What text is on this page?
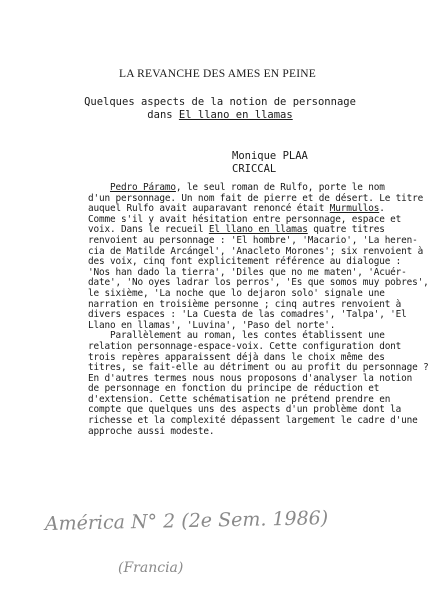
LA REVANCHE DES AMES EN PEINE
Quelques aspects de la notion de personnage
dans El llano en llamas
Monique PLAA
CRICCAL
Pedro Páramo, le seul roman de Rulfo, porte le nom
d'un personnage. Un nom fait de pierre et de désert. Le titre
auquel Rulfo avait auparavant renoncé était Murmullos.
Comme s'il y avait hésitation entre personnage, espace et
voix. Dans le recueil El llano en llamas quatre titres
renvoient au personnage : 'El hombre', 'Macario', 'La heren-
cia de Matilde Arcángel', 'Anacleto Morones'; six renvoient à
des voix, cinq font explicitement référence au dialogue :
'Nos han dado la tierra', 'Diles que no me maten', 'Acuér-
date', 'No oyes ladrar los perros', 'Es que somos muy pobres',
le sixième, 'La noche que lo dejaron solo' signale une
narration en troisième personne ; cinq autres renvoient à
divers espaces : 'La Cuesta de las comadres', 'Talpa', 'El
Llano en llamas', 'Luvina', 'Paso del norte'.
Parallèlement au roman, les contes établissent une
relation personnage-espace-voix. Cette configuration dont
trois repères apparaissent déjà dans le choix même des
titres, se fait-elle au détriment ou au profit du personnage ?
En d'autres termes nous nous proposons d'analyser la notion
de personnage en fonction du principe de réduction et
d'extension. Cette schématisation ne prétend prendre en
compte que quelques uns des aspects d'un problème dont la
richesse et la complexité dépassent largement le cadre d'une
approche aussi modeste.
América N° 2 (2e Sem. 1986)
(Francia)
